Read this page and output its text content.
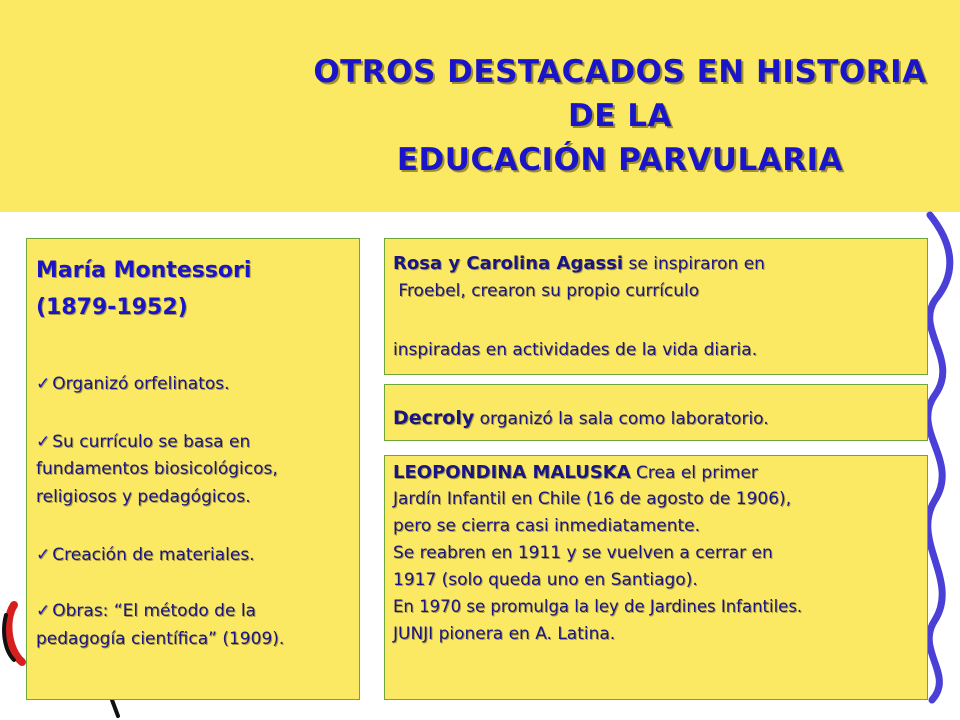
OTROS DESTACADOS EN HISTORIA
DE LA
EDUCACIÓN PARVULARIA
María Montessori
(1879-1952)
✓ Organizó orfelinatos.
✓ Su currículo se basa en
fundamentos biosicológicos,
religiosos y pedagógicos.
✓ Creación de materiales.
✓ Obras: “El método de la
pedagogía científica” (1909).
Rosa y Carolina Agassi se inspiraron en
Froebel, crearon su propio currículo
inspiradas en actividades de la vida diaria.
Decroly organizó la sala como laboratorio.
LEOPONDINA MALUSKA Crea el primer
Jardín Infantil en Chile (16 de agosto de 1906),
pero se cierra casi inmediatamente.
Se reabren en 1911 y se vuelven a cerrar en
1917 (solo queda uno en Santiago).
En 1970 se promulga la ley de Jardines Infantiles.
JUNJI pionera en A. Latina.
